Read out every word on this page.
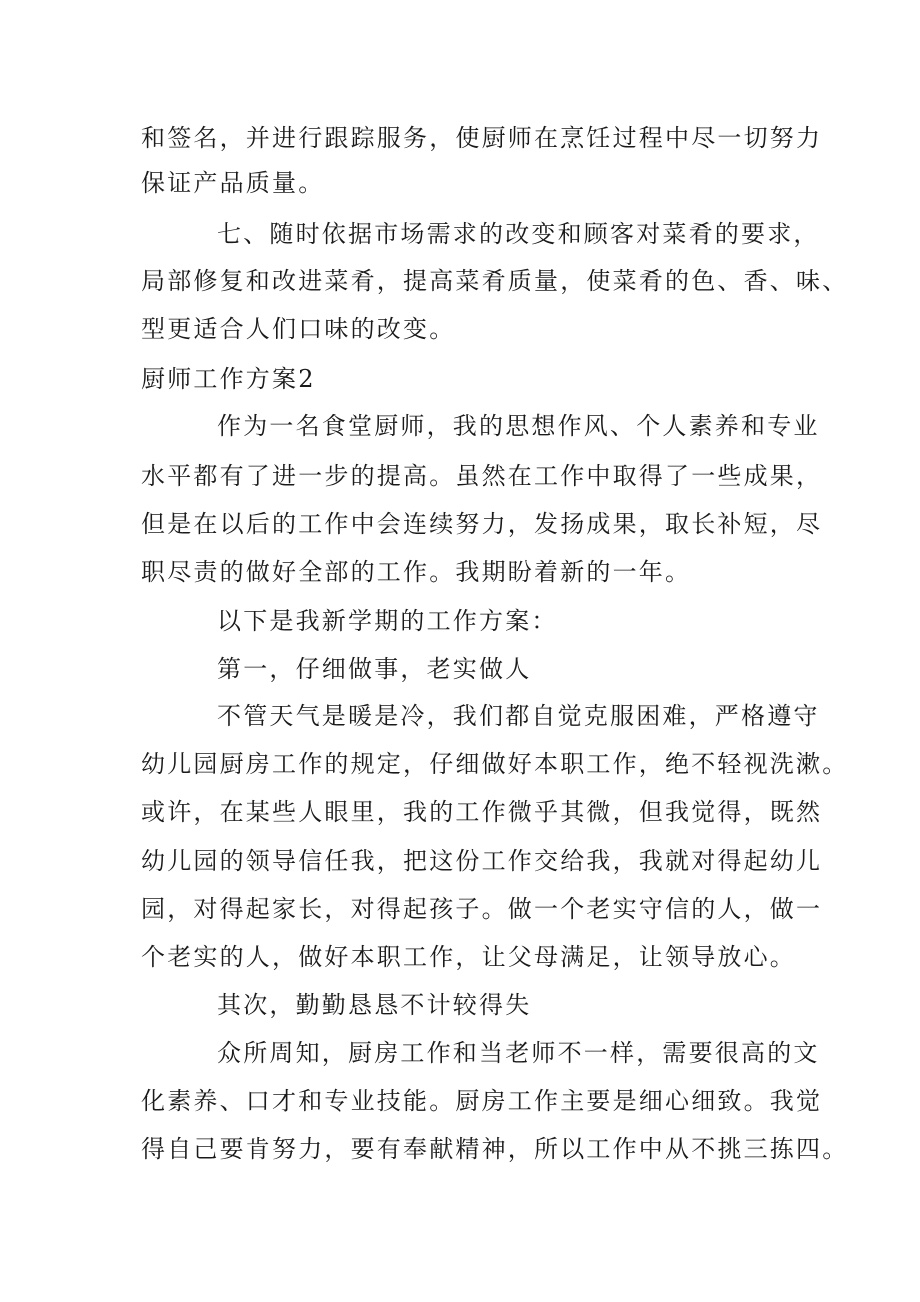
和签名，并进行跟踪服务，使厨师在烹饪过程中尽一切努力
保证产品质量。
七、随时依据市场需求的改变和顾客对菜肴的要求，
局部修复和改进菜肴，提高菜肴质量，使菜肴的色、香、味、
型更适合人们口味的改变。
厨师工作方案2
作为一名食堂厨师，我的思想作风、个人素养和专业
水平都有了进一步的提高。虽然在工作中取得了一些成果，
但是在以后的工作中会连续努力，发扬成果，取长补短，尽
职尽责的做好全部的工作。我期盼着新的一年。
以下是我新学期的工作方案：
第一，仔细做事，老实做人
不管天气是暖是冷，我们都自觉克服困难，严格遵守
幼儿园厨房工作的规定，仔细做好本职工作，绝不轻视洗漱。
或许，在某些人眼里，我的工作微乎其微，但我觉得，既然
幼儿园的领导信任我，把这份工作交给我，我就对得起幼儿
园，对得起家长，对得起孩子。做一个老实守信的人，做一
个老实的人，做好本职工作，让父母满足，让领导放心。
其次，勤勤恳恳不计较得失
众所周知，厨房工作和当老师不一样，需要很高的文
化素养、口才和专业技能。厨房工作主要是细心细致。我觉
得自己要肯努力，要有奉献精神，所以工作中从不挑三拣四。
